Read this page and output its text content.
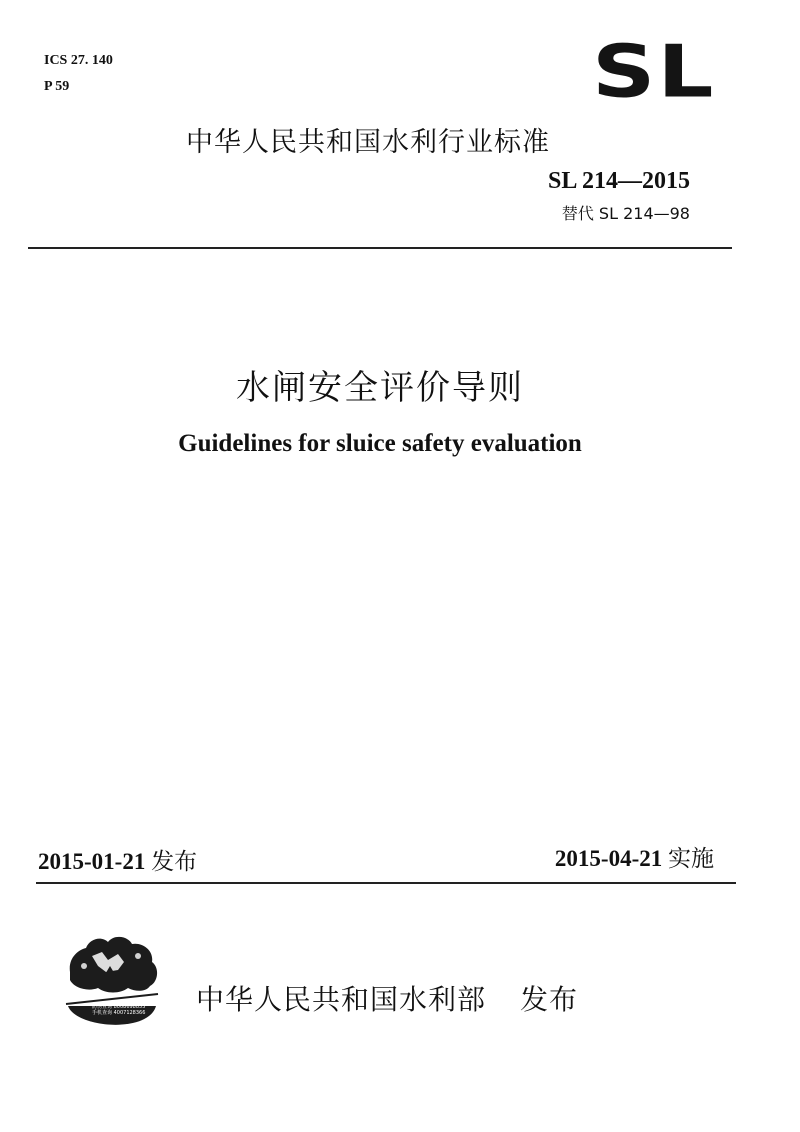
ICS 27. 140
P 59	SL
中华人民共和国水利行业标准
SL 214—2015
替代 SL 214—98
水闸安全评价导则
Guidelines for sluice safety evaluation
2015-01-21 发布	2015-04-21 实施
防伪查询 8008698855
手机查询 4007128366 中华人民共和国水利部 发布
